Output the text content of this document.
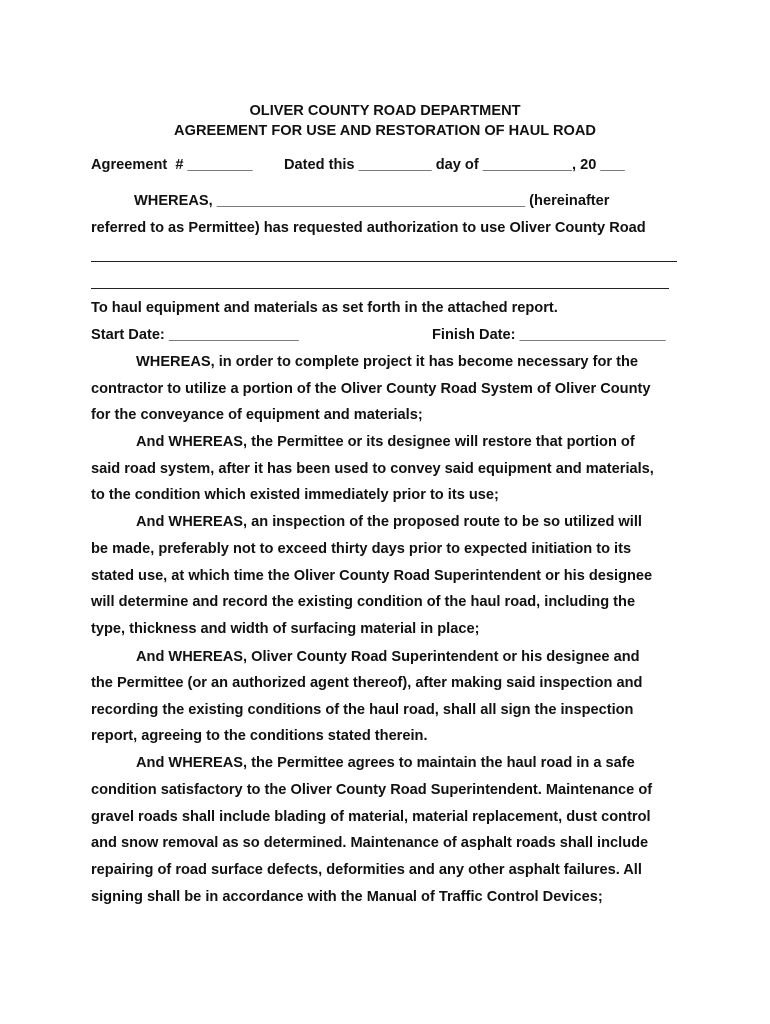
OLIVER COUNTY ROAD DEPARTMENT
AGREEMENT FOR USE AND RESTORATION OF HAUL ROAD
Agreement  # ________ Dated this _________ day of ___________, 20 ___
WHEREAS, ______________________________________ (hereinafter
referred to as Permittee) has requested authorization to use Oliver County Road
To haul equipment and materials as set forth in the attached report.
Start Date: ________________	Finish Date: __________________
WHEREAS, in order to complete project it has become necessary for the
contractor to utilize a portion of the Oliver County Road System of Oliver County
for the conveyance of equipment and materials;
And WHEREAS, the Permittee or its designee will restore that portion of
said road system, after it has been used to convey said equipment and materials,
to the condition which existed immediately prior to its use;
And WHEREAS, an inspection of the proposed route to be so utilized will
be made, preferably not to exceed thirty days prior to expected initiation to its
stated use, at which time the Oliver County Road Superintendent or his designee
will determine and record the existing condition of the haul road, including the
type, thickness and width of surfacing material in place;
And WHEREAS, Oliver County Road Superintendent or his designee and
the Permittee (or an authorized agent thereof), after making said inspection and
recording the existing conditions of the haul road, shall all sign the inspection
report, agreeing to the conditions stated therein.
And WHEREAS, the Permittee agrees to maintain the haul road in a safe
condition satisfactory to the Oliver County Road Superintendent. Maintenance of
gravel roads shall include blading of material, material replacement, dust control
and snow removal as so determined. Maintenance of asphalt roads shall include
repairing of road surface defects, deformities and any other asphalt failures. All
signing shall be in accordance with the Manual of Traffic Control Devices;
